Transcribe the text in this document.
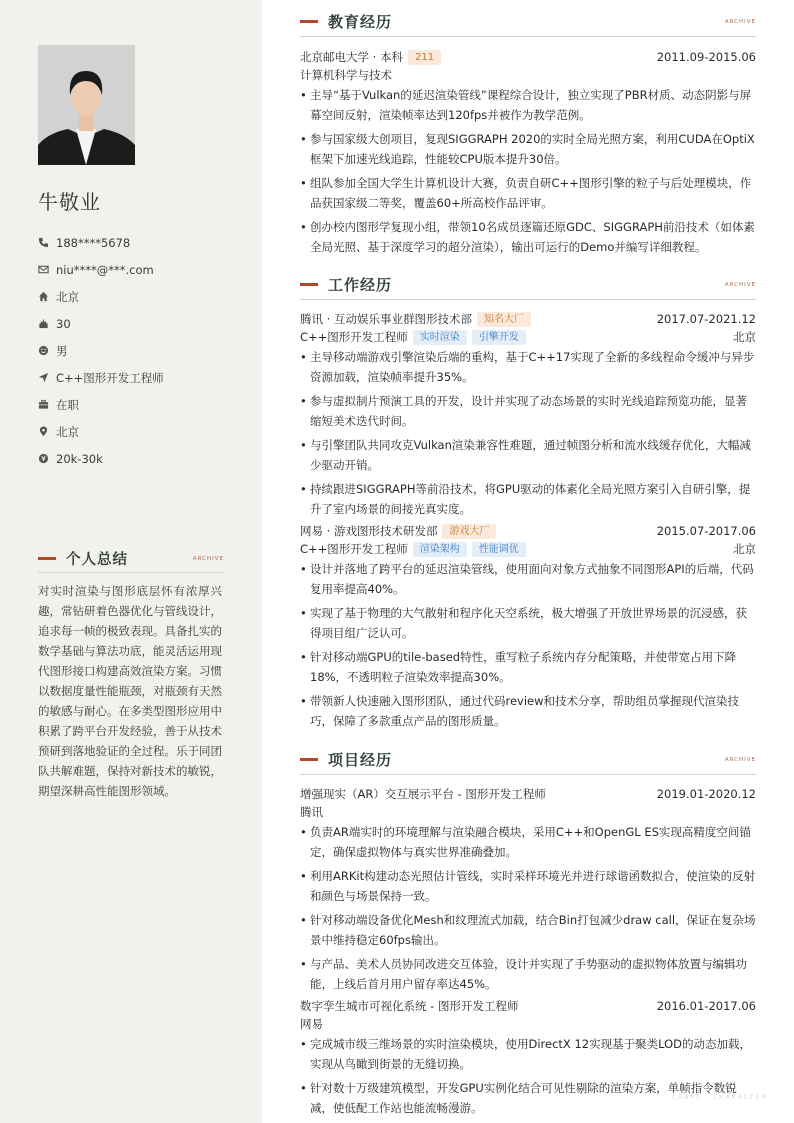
牛敬业
188****5678
niu****@***.com
北京
30
男
C++图形开发工程师
在职
北京
20k-30k
个人总结	ARCHIVE

对实时渲染与图形底层怀有浓厚兴趣，常钻研着色器优化与管线设计，追求每一帧的极致表现。具备扎实的数学基础与算法功底，能灵活运用现代图形接口构建高效渲染方案。习惯以数据度量性能瓶颈，对瓶颈有天然的敏感与耐心。在多类型图形应用中积累了跨平台开发经验，善于从技术预研到落地验证的全过程。乐于同团队共解难题，保持对新技术的敏锐，期望深耕高性能图形领域。

教育经历	ARCHIVE
北京邮电大学 · 本科	211	2011.09-2015.06
计算机科学与技术
• 主导“基于Vulkan的延迟渲染管线”课程综合设计，独立实现了PBR材质、动态阴影与屏幕空间反射，渲染帧率达到120fps并被作为教学范例。
• 参与国家级大创项目，复现SIGGRAPH 2020的实时全局光照方案，利用CUDA在OptiX框架下加速光线追踪，性能较CPU版本提升30倍。
• 组队参加全国大学生计算机设计大赛，负责自研C++图形引擎的粒子与后处理模块，作品获国家级二等奖，覆盖60+所高校作品评审。
• 创办校内图形学复现小组，带领10名成员逐篇还原GDC、SIGGRAPH前沿技术（如体素全局光照、基于深度学习的超分渲染），输出可运行的Demo并编写详细教程。
工作经历	ARCHIVE
腾讯 · 互动娱乐事业群图形技术部	知名大厂	2017.07-2021.12
C++图形开发工程师	实时渲染	引擎开发	北京
• 主导移动端游戏引擎渲染后端的重构，基于C++17实现了全新的多线程命令缓冲与异步资源加载，渲染帧率提升35%。
• 参与虚拟制片预演工具的开发，设计并实现了动态场景的实时光线追踪预览功能，显著缩短美术迭代时间。
• 与引擎团队共同攻克Vulkan渲染兼容性难题，通过帧图分析和流水线缓存优化，大幅减少驱动开销。
• 持续跟进SIGGRAPH等前沿技术，将GPU驱动的体素化全局光照方案引入自研引擎，提升了室内场景的间接光真实度。
网易 · 游戏图形技术研发部	游戏大厂	2015.07-2017.06
C++图形开发工程师	渲染架构	性能调优	北京
• 设计并落地了跨平台的延迟渲染管线，使用面向对象方式抽象不同图形API的后端，代码复用率提高40%。
• 实现了基于物理的大气散射和程序化天空系统，极大增强了开放世界场景的沉浸感，获得项目组广泛认可。
• 针对移动端GPU的tile-based特性，重写粒子系统内存分配策略，并使带宽占用下降18%，不透明粒子渲染效率提高30%。
• 带领新人快速融入图形团队，通过代码review和技术分享，帮助组员掌握现代渲染技巧，保障了多款重点产品的图形质量。
项目经历	ARCHIVE
增强现实（AR）交互展示平台 - 图形开发工程师	2019.01-2020.12
腾讯
• 负责AR端实时的环境理解与渲染融合模块，采用C++和OpenGL ES实现高精度空间锚定，确保虚拟物体与真实世界准确叠加。
• 利用ARKit构建动态光照估计管线，实时采样环境光并进行球谐函数拟合，使渲染的反射和颜色与场景保持一致。
• 针对移动端设备优化Mesh和纹理流式加载，结合Bin打包减少draw call，保证在复杂场景中维持稳定60fps输出。
• 与产品、美术人员协同改进交互体验，设计并实现了手势驱动的虚拟物体放置与编辑功能，上线后首月用户留存率达45%。
数字孪生城市可视化系统 - 图形开发工程师	2016.01-2017.06
网易
• 完成城市级三维场景的实时渲染模块，使用DirectX 12实现基于聚类LOD的动态加载，实现从鸟瞰到街景的无缝切换。
• 针对数十万级建筑模型，开发GPU实例化结合可见性剔除的渲染方案，单帧指令数锐减，使低配工作站也能流畅漫游。
CRAFT · CHARACTER
